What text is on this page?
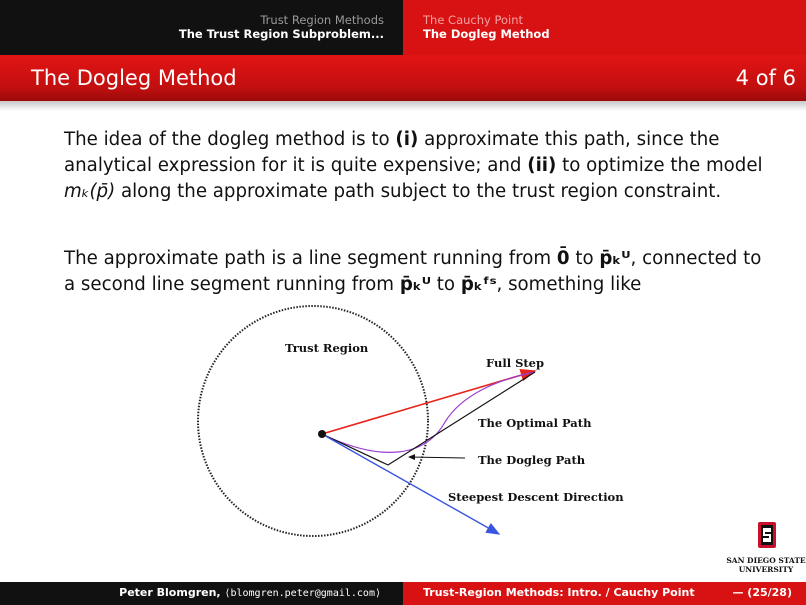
Trust Region Methods
The Trust Region Subproblem...
The Cauchy Point
The Dogleg Method
The Dogleg Method	4 of 6
The idea of the dogleg method is to (i) approximate this path, since the analytical expression for it is quite expensive; and (ii) to optimize the model mₖ(p̄) along the approximate path subject to the trust region constraint.
The approximate path is a line segment running from 0̄ to p̄ₖᵁ, connected to a second line segment running from p̄ₖᵁ to p̄ₖᶠˢ, something like
Trust Region
Full Step
The Optimal Path
The Dogleg Path
Steepest Descent Direction
SAN DIEGO STATE
UNIVERSITY
Peter Blomgren, ⟨blomgren.peter@gmail.com⟩	Trust-Region Methods: Intro. / Cauchy Point	— (25/28)
